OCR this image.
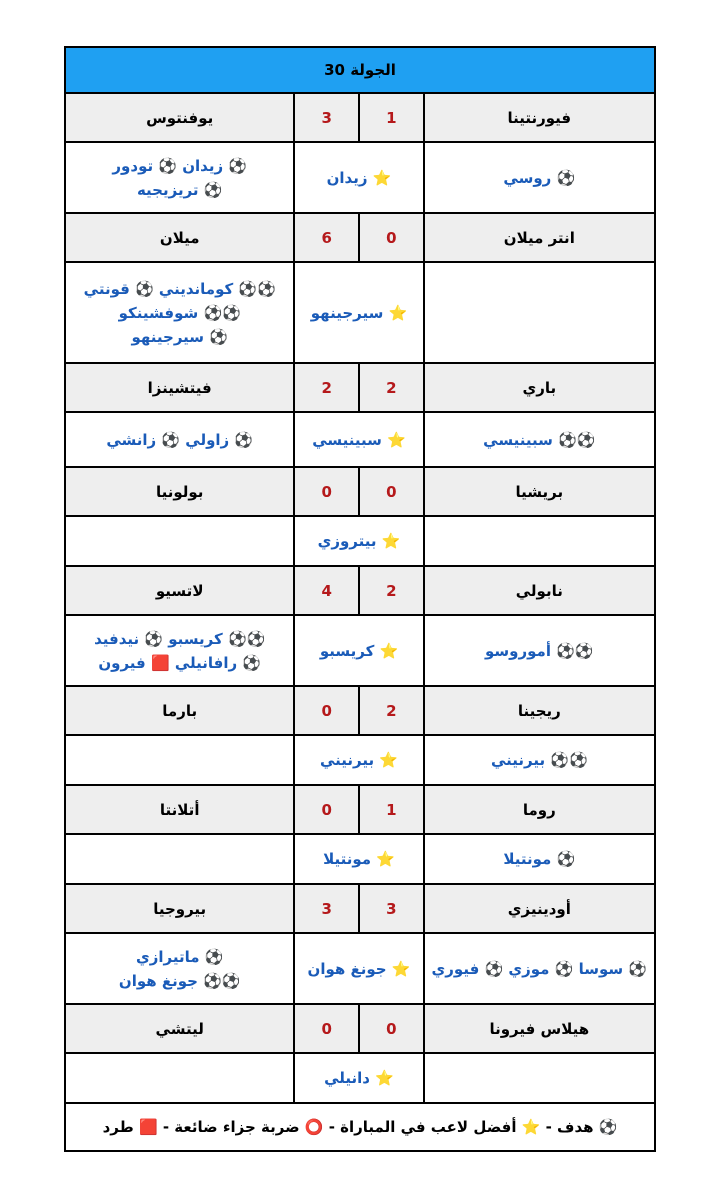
الجولة 30
فيورنتينا
1
3
يوفنتوس
⚽ روسي
⭐ زيدان
⚽ زيدان ⚽ تودور
⚽ تريزيجيه
انتر ميلان
0
6
ميلان
⭐ سيرجينهو
⚽⚽ كوماندیني ⚽ قونتي
⚽⚽ شوفشينكو
⚽ سيرجينهو
باري
2
2
فيتشينزا
⚽⚽ سبينيسي
⭐ سبينيسي
⚽ زاولي ⚽ زانشي
بريشيا
0
0
بولونيا
⭐ بيتروزي
نابولي
2
4
لاتسيو
⚽⚽ أموروسو
⭐ كريسبو
⚽⚽ كريسبو ⚽ نيدفيد
⚽ رافانيلي 🟥 فيرون
ريجينا
2
0
بارما
⚽⚽ بيرنيني
⭐ بيرنيني
روما
1
0
أتلانتا
⚽ مونتيلا
⭐ مونتيلا
أودينيزي
3
3
بيروجيا
⚽ سوسا ⚽ موزي ⚽ فيوري
⭐ جونغ هوان
⚽ ماتيرازي
⚽⚽ جونغ هوان
هيلاس فيرونا
0
0
ليتشي
⭐ دانيلي
⚽ هدف - ⭐ أفضل لاعب في المباراة - ⭕ ضربة جزاء ضائعة - 🟥 طرد
